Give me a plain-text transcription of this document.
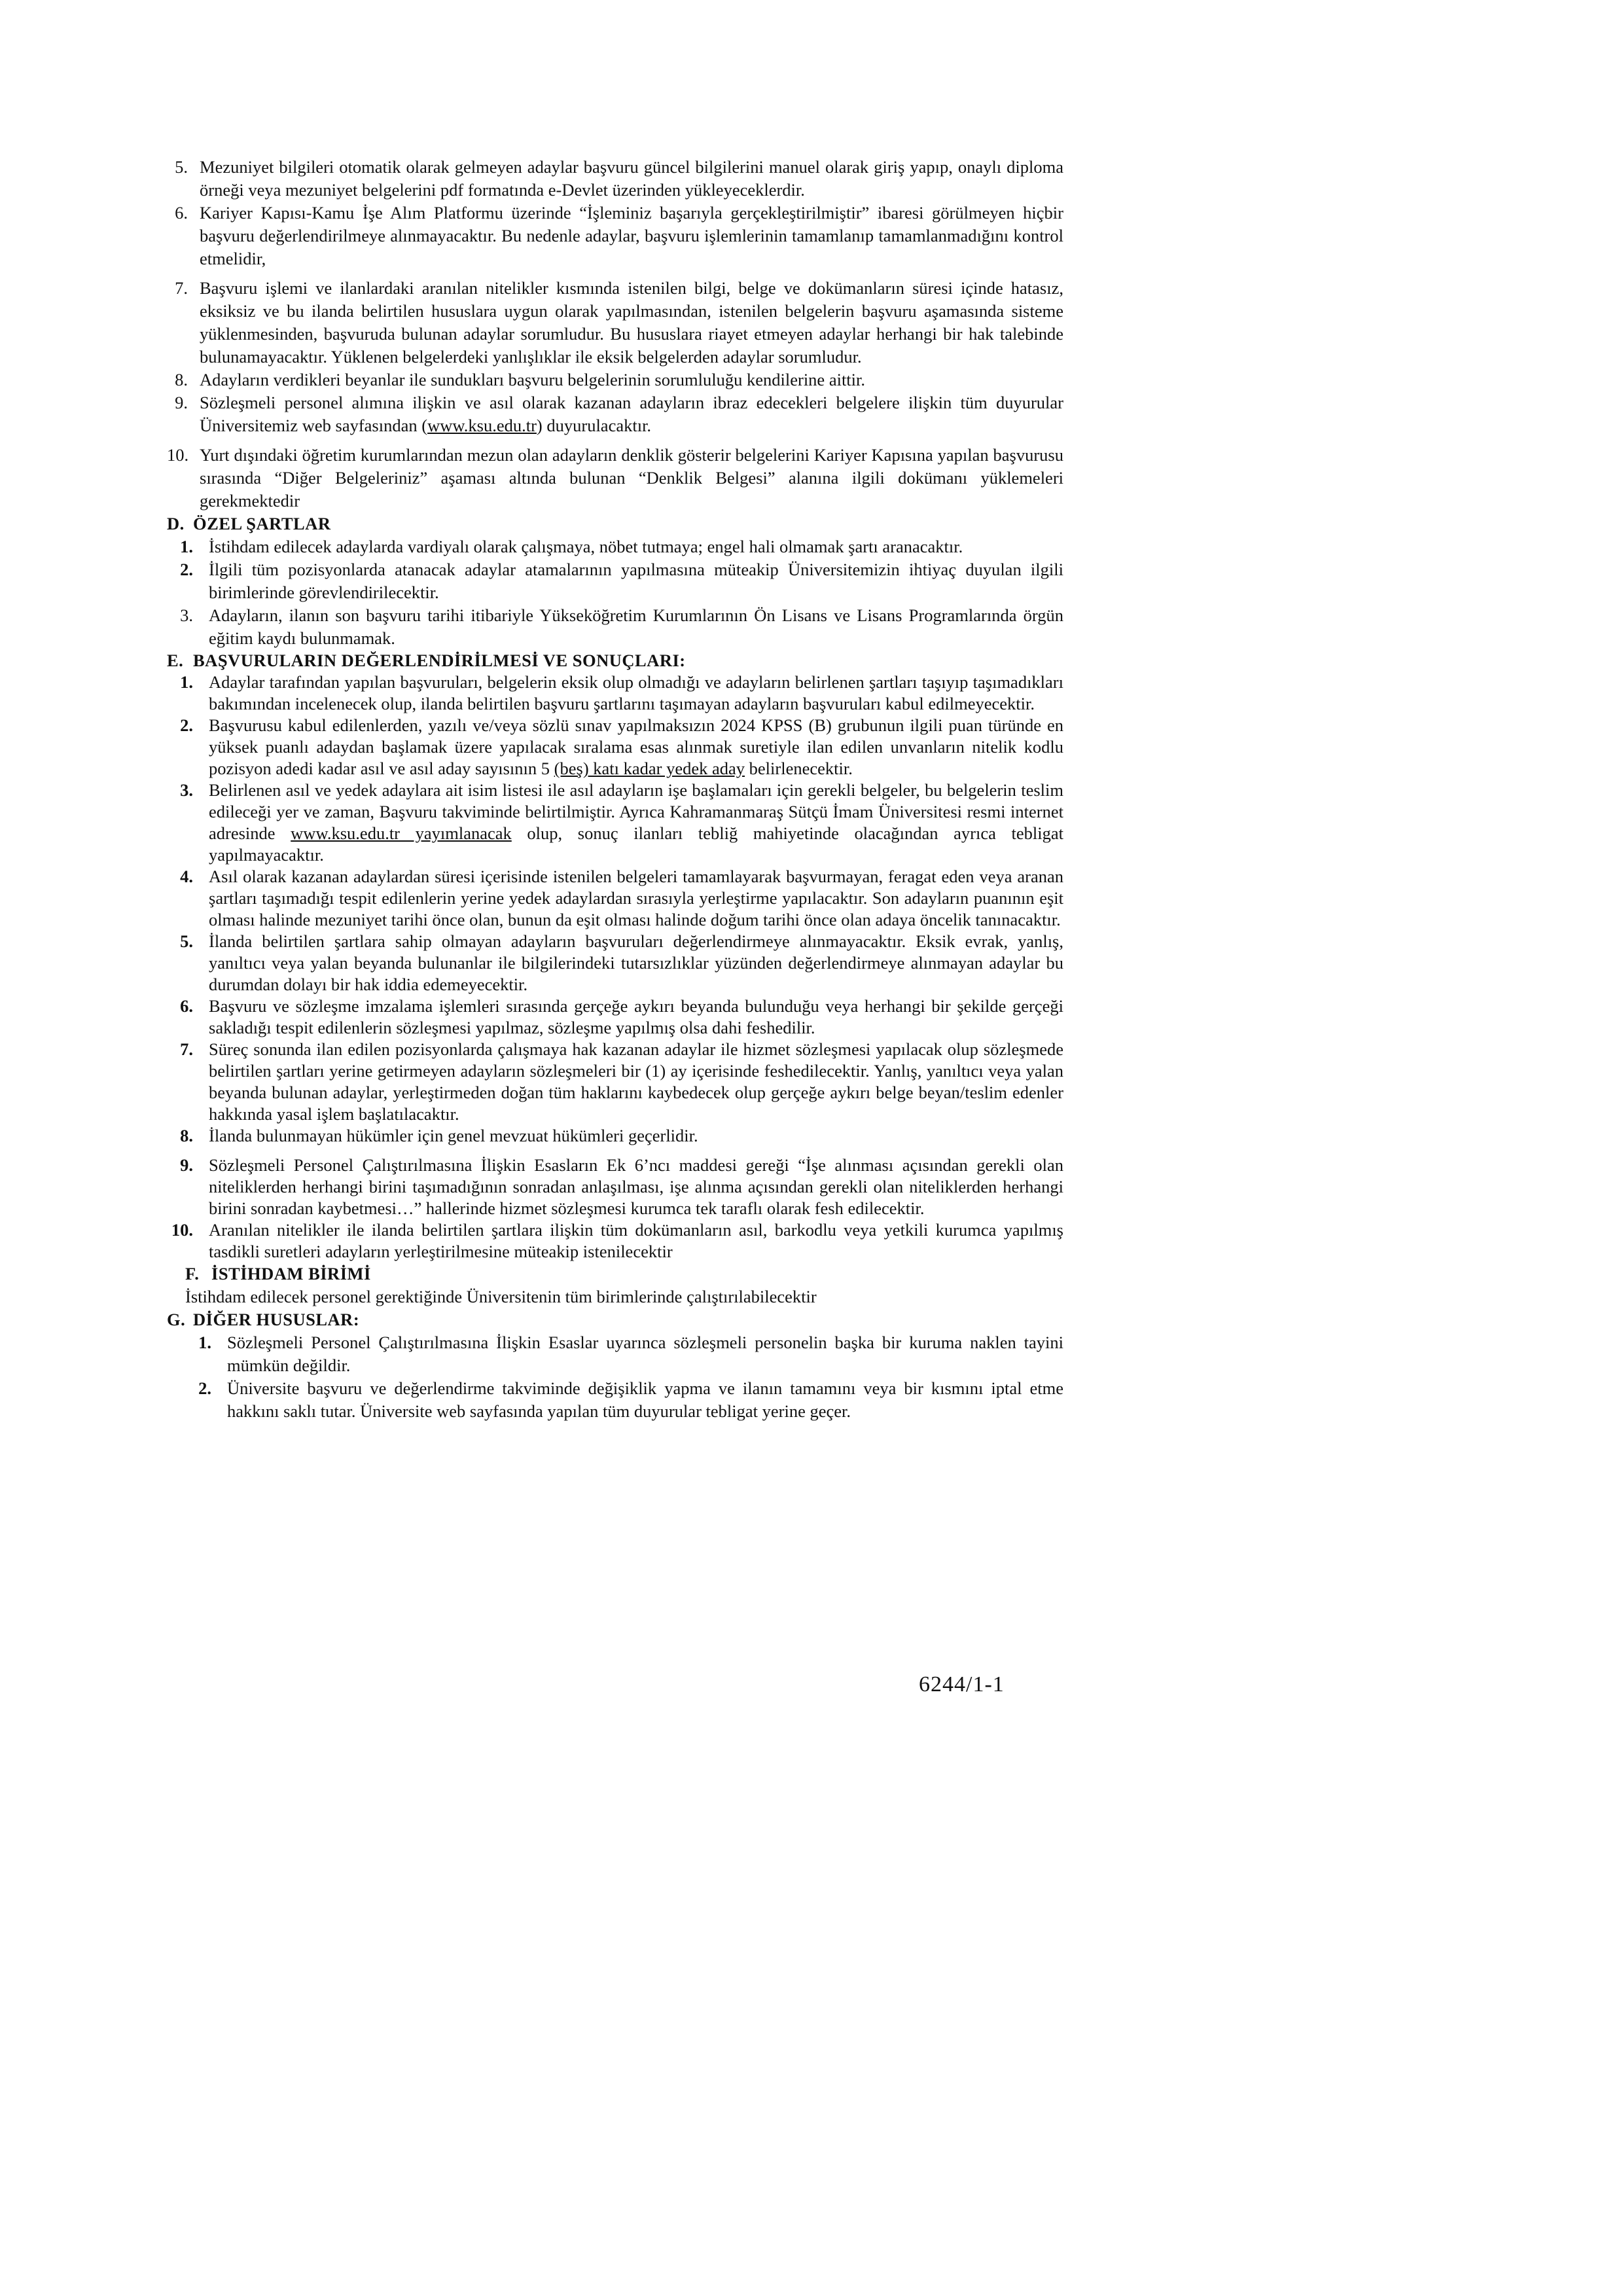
5. Mezuniyet bilgileri otomatik olarak gelmeyen adaylar başvuru güncel bilgilerini manuel olarak giriş yapıp, onaylı diploma örneği veya mezuniyet belgelerini pdf formatında e-Devlet üzerinden yükleyeceklerdir.
6. Kariyer Kapısı-Kamu İşe Alım Platformu üzerinde “İşleminiz başarıyla gerçekleştirilmiştir” ibaresi görülmeyen hiçbir başvuru değerlendirilmeye alınmayacaktır. Bu nedenle adaylar, başvuru işlemlerinin tamamlanıp tamamlanmadığını kontrol etmelidir,
7. Başvuru işlemi ve ilanlardaki aranılan nitelikler kısmında istenilen bilgi, belge ve dokümanların süresi içinde hatasız, eksiksiz ve bu ilanda belirtilen hususlara uygun olarak yapılmasından, istenilen belgelerin başvuru aşamasında sisteme yüklenmesinden, başvuruda bulunan adaylar sorumludur. Bu hususlara riayet etmeyen adaylar herhangi bir hak talebinde bulunamayacaktır. Yüklenen belgelerdeki yanlışlıklar ile eksik belgelerden adaylar sorumludur.
8. Adayların verdikleri beyanlar ile sundukları başvuru belgelerinin sorumluluğu kendilerine aittir.
9. Sözleşmeli personel alımına ilişkin ve asıl olarak kazanan adayların ibraz edecekleri belgelere ilişkin tüm duyurular Üniversitemiz web sayfasından (www.ksu.edu.tr) duyurulacaktır.
10. Yurt dışındaki öğretim kurumlarından mezun olan adayların denklik gösterir belgelerini Kariyer Kapısına yapılan başvurusu sırasında “Diğer Belgeleriniz” aşaması altında bulunan “Denklik Belgesi” alanına ilgili dokümanı yüklemeleri gerekmektedir
D. ÖZEL ŞARTLAR
1. İstihdam edilecek adaylarda vardiyalı olarak çalışmaya, nöbet tutmaya; engel hali olmamak şartı aranacaktır.
2. İlgili tüm pozisyonlarda atanacak adaylar atamalarının yapılmasına müteakip Üniversitemizin ihtiyaç duyulan ilgili birimlerinde görevlendirilecektir.
3. Adayların, ilanın son başvuru tarihi itibariyle Yükseköğretim Kurumlarının Ön Lisans ve Lisans Programlarında örgün eğitim kaydı bulunmamak.
E. BAŞVURULARIN DEĞERLENDİRİLMESİ VE SONUÇLARI:
1. Adaylar tarafından yapılan başvuruları, belgelerin eksik olup olmadığı ve adayların belirlenen şartları taşıyıp taşımadıkları bakımından incelenecek olup, ilanda belirtilen başvuru şartlarını taşımayan adayların başvuruları kabul edilmeyecektir.
2. Başvurusu kabul edilenlerden, yazılı ve/veya sözlü sınav yapılmaksızın 2024 KPSS (B) grubunun ilgili puan türünde en yüksek puanlı adaydan başlamak üzere yapılacak sıralama esas alınmak suretiyle ilan edilen unvanların nitelik kodlu pozisyon adedi kadar asıl ve asıl aday sayısının 5 (beş) katı kadar yedek aday belirlenecektir.
3. Belirlenen asıl ve yedek adaylara ait isim listesi ile asıl adayların işe başlamaları için gerekli belgeler, bu belgelerin teslim edileceği yer ve zaman, Başvuru takviminde belirtilmiştir. Ayrıca Kahramanmaraş Sütçü İmam Üniversitesi resmi internet adresinde www.ksu.edu.tr yayımlanacak olup, sonuç ilanları tebliğ mahiyetinde olacağından ayrıca tebligat yapılmayacaktır.
4. Asıl olarak kazanan adaylardan süresi içerisinde istenilen belgeleri tamamlayarak başvurmayan, feragat eden veya aranan şartları taşımadığı tespit edilenlerin yerine yedek adaylardan sırasıyla yerleştirme yapılacaktır. Son adayların puanının eşit olması halinde mezuniyet tarihi önce olan, bunun da eşit olması halinde doğum tarihi önce olan adaya öncelik tanınacaktır.
5. İlanda belirtilen şartlara sahip olmayan adayların başvuruları değerlendirmeye alınmayacaktır. Eksik evrak, yanlış, yanıltıcı veya yalan beyanda bulunanlar ile bilgilerindeki tutarsızlıklar yüzünden değerlendirmeye alınmayan adaylar bu durumdan dolayı bir hak iddia edemeyecektir.
6. Başvuru ve sözleşme imzalama işlemleri sırasında gerçeğe aykırı beyanda bulunduğu veya herhangi bir şekilde gerçeği sakladığı tespit edilenlerin sözleşmesi yapılmaz, sözleşme yapılmış olsa dahi feshedilir.
7. Süreç sonunda ilan edilen pozisyonlarda çalışmaya hak kazanan adaylar ile hizmet sözleşmesi yapılacak olup sözleşmede belirtilen şartları yerine getirmeyen adayların sözleşmeleri bir (1) ay içerisinde feshedilecektir. Yanlış, yanıltıcı veya yalan beyanda bulunan adaylar, yerleştirmeden doğan tüm haklarını kaybedecek olup gerçeğe aykırı belge beyan/teslim edenler hakkında yasal işlem başlatılacaktır.
8. İlanda bulunmayan hükümler için genel mevzuat hükümleri geçerlidir.
9. Sözleşmeli Personel Çalıştırılmasına İlişkin Esasların Ek 6’ncı maddesi gereği “İşe alınması açısından gerekli olan niteliklerden herhangi birini taşımadığının sonradan anlaşılması, işe alınma açısından gerekli olan niteliklerden herhangi birini sonradan kaybetmesi…” hallerinde hizmet sözleşmesi kurumca tek taraflı olarak fesh edilecektir.
10. Aranılan nitelikler ile ilanda belirtilen şartlara ilişkin tüm dokümanların asıl, barkodlu veya yetkili kurumca yapılmış tasdikli suretleri adayların yerleştirilmesine müteakip istenilecektir
F. İSTİHDAM BİRİMİ
İstihdam edilecek personel gerektiğinde Üniversitenin tüm birimlerinde çalıştırılabilecektir
G. DİĞER HUSUSLAR:
1. Sözleşmeli Personel Çalıştırılmasına İlişkin Esaslar uyarınca sözleşmeli personelin başka bir kuruma naklen tayini mümkün değildir.
2. Üniversite başvuru ve değerlendirme takviminde değişiklik yapma ve ilanın tamamını veya bir kısmını iptal etme hakkını saklı tutar. Üniversite web sayfasında yapılan tüm duyurular tebligat yerine geçer.
6244/1-1
